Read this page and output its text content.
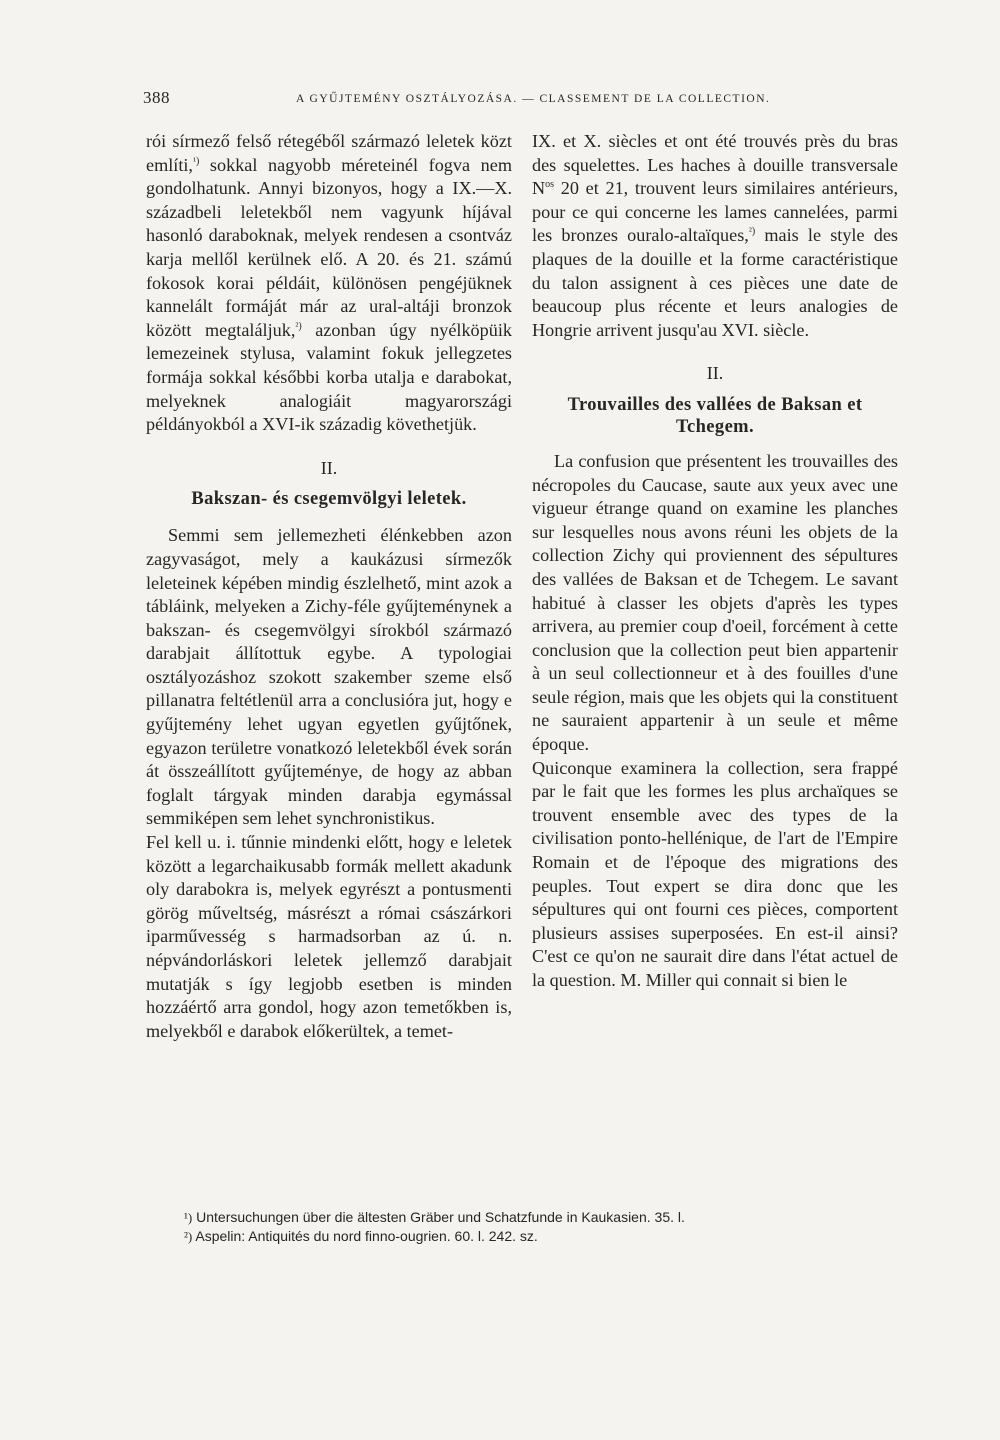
388	A GYŰJTEMÉNY OSZTÁLYOZÁSA. — CLASSEMENT DE LA COLLECTION.

rói sírmező felső rétegéből származó leletek közt említi,$^{^1)}$ sokkal nagyobb méreteinél fogva nem gondolhatunk. Annyi bizonyos, hogy a IX.—X. századbeli leletekből nem vagyunk híjával hasonló daraboknak, melyek rendesen a csontváz karja mellől kerülnek elő. A 20. és 21. számú fokosok korai példáit, különösen pengéjüknek kannelált formáját már az ural-altáji bronzok között megtaláljuk,$^{^2)}$ azonban úgy nyélköpüik lemezeinek stylusa, valamint fokuk jellegzetes formája sokkal későbbi korba utalja e darabokat, melyeknek analogiáit magyarországi példányokból a XVI-ik századig követhetjük.

II.
Bakszan- és csegemvölgyi leletek.

Semmi sem jellemezheti élénkebben azon zagyvaságot, mely a kaukázusi sírmezők leleteinek képében mindig észlelhető, mint azok a tábláink, melyeken a Zichy-féle gyűjteménynek a bakszan- és csegemvölgyi sírokból származó darabjait állítottuk egybe. A typologiai osztályozáshoz szokott szakember szeme első pillanatra feltétlenül arra a conclusióra jut, hogy e gyűjtemény lehet ugyan egyetlen gyűjtőnek, egyazon területre vonatkozó leletekből évek során át összeállított gyűjteménye, de hogy az abban foglalt tárgyak minden darabja egymással semmiképen sem lehet synchronistikus.

Fel kell u. i. tűnnie mindenki előtt, hogy e leletek között a legarchaikusabb formák mellett akadunk oly darabokra is, melyek egyrészt a pontusmenti görög műveltség, másrészt a római császárkori iparművesség s harmadsorban az ú. n. népvándorláskori leletek jellemző darabjait mutatják s így legjobb esetben is minden hozzáértő arra gondol, hogy azon temetőkben is, melyekből e darabok előkerültek, a temet-

IX. et X. siècles et ont été trouvés près du bras des squelettes. Les haches à douille transversale $N^{os}$ 20 et 21, trouvent leurs similaires antérieurs, pour ce qui concerne les lames cannelées, parmi les bronzes ouralo-altaïques,$^{^2)}$ mais le style des plaques de la douille et la forme caractéristique du talon assignent à ces pièces une date de beaucoup plus récente et leurs analogies de Hongrie arrivent jusqu'au XVI. siècle.

II.
Trouvailles des vallées de Baksan et Tchegem.

La confusion que présentent les trouvailles des nécropoles du Caucase, saute aux yeux avec une vigueur étrange quand on examine les planches sur lesquelles nous avons réuni les objets de la collection Zichy qui proviennent des sépultures des vallées de Baksan et de Tchegem. Le savant habitué à classer les objets d'après les types arrivera, au premier coup d'oeil, forcément à cette conclusion que la collection peut bien appartenir à un seul collectionneur et à des fouilles d'une seule région, mais que les objets qui la constituent ne sauraient appartenir à un seule et même époque.

Quiconque examinera la collection, sera frappé par le fait que les formes les plus archaïques se trouvent ensemble avec des types de la civilisation ponto-hellénique, de l'art de l'Empire Romain et de l'époque des migrations des peuples. Tout expert se dira donc que les sépultures qui ont fourni ces pièces, comportent plusieurs assises superposées. En est-il ainsi? C'est ce qu'on ne saurait dire dans l'état actuel de la question. M. Miller qui connait si bien le

¹) Untersuchungen über die ältesten Gräber und Schatzfunde in Kaukasien. 35. l.
²) Aspelin: Antiquités du nord finno-ougrien. 60. l. 242. sz.
